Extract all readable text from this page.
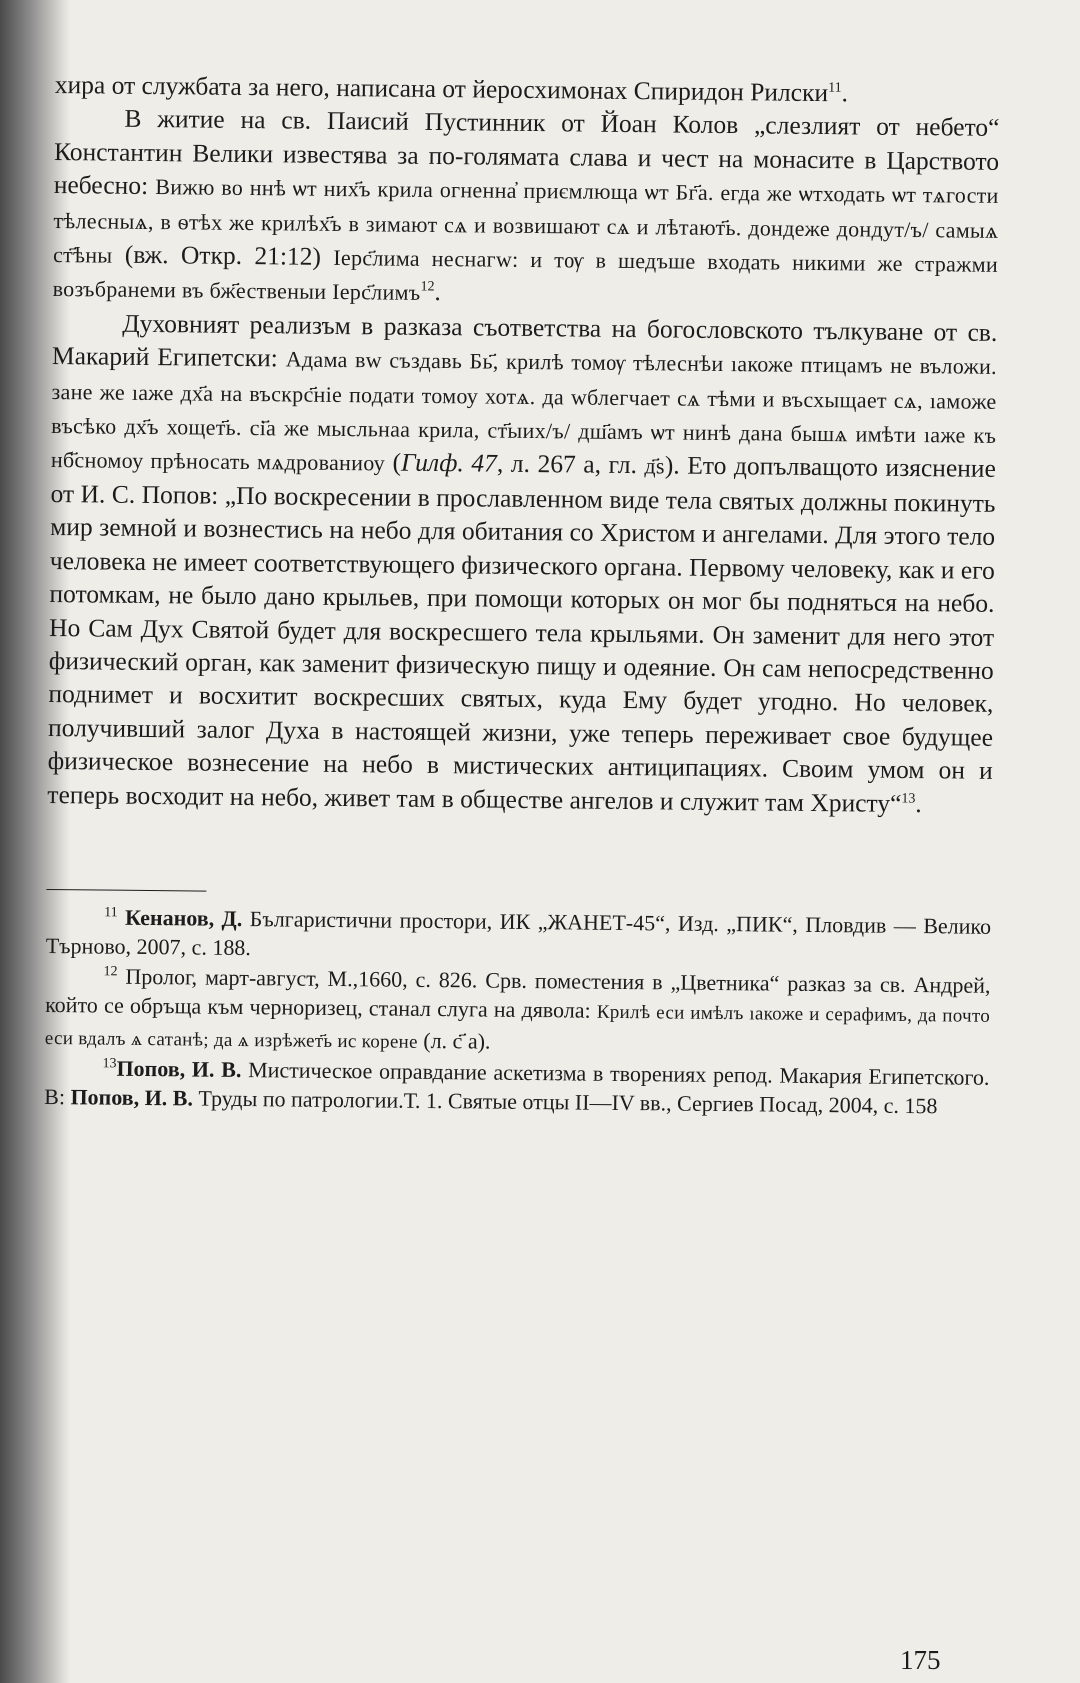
хира от службата за него, написана от йеросхимонах Спиридон Рилски$^{11}$.

В житие на св. Паисий Пустинник от Йоан Колов „слезлият от небето“ Константин Велики известява за по-голямата слава и чест на монасите в Царството небесно: Вижю во ннѣ ѡт них҃ъ крила огненна҆ приємлюща ѡт Бг҃а. егда же ѡтходать ѡт тѧгости тѣлесныѧ, в ѳтѣх же крилѣх҃ъ в зимают сѧ и возвишают сѧ и лѣтают҃ь. дондеже дондут/ъ/ самыѧ ст҃ѣны (вж. Откр. 21:12) Іерс҃лима неснагw: и тѹ в шедъше входать никими же стражми возъбранеми въ бж҃ественыи Іерс҃лимъ$^{12}$.

Духовният реализъм в разказа съответства на богословското тълкуване от св. Макарий Египетски: Адама вw създавь Бь҃, крилѣ томѹ тѣлеснѣи ıакоже птицамъ не въложи. зане же ıаже дх҃а на въскрс҃ніе подати томоу хотѧ. да wблегчает сѧ тѣми и въсхыщает сѧ, ıаможе въсѣко дх҃ъ хощет҃ь. сі҃а же мысльнаа крила, ст҃ыих/ъ/ дш҃амъ ѡт нинѣ дана бышѧ имѣти ıаже къ нб҃сномоу прѣносать мѧдрованиоу (Гилф. 47, л. 267 а, гл. д҃ѕ). Ето допълващото изяснение от И. С. Попов: „По воскресении в прославленном виде тела святых должны покинуть мир земной и вознестись на небо для обитания со Христом и ангелами. Для этого тело человека не имеет соответствующего физического органа. Первому человеку, как и его потомкам, не было дано крыльев, при помощи которых он мог бы подняться на небо. Но Сам Дух Святой будет для воскресшего тела крыльями. Он заменит для него этот физический орган, как заменит физическую пищу и одеяние. Он сам непосредственно поднимет и восхитит воскресших святых, куда Ему будет угодно. Но человек, получивший залог Духа в настоящей жизни, уже теперь переживает свое будущее физическое вознесение на небо в мистических антиципациях. Своим умом он и теперь восходит на небо, живет там в обществе ангелов и служит там Христу“$^{13}$.

$^{11}$ Кенанов, Д. Българистични простори, ИК „ЖАНЕТ-45“, Изд. „ПИК“, Пловдив — Велико Търново, 2007, с. 188.

$^{12}$ Пролог, март-август, М.,1660, с. 826. Срв. поместения в „Цветника“ разказ за св. Андрей, който се обръща към черноризец, станал слуга на дявола: Крилѣ еси имѣлъ ıакоже и серафимъ, да почто еси вдалъ ѧ сатанѣ; да ѧ изрѣжет҃ь ис корене (л. с҃ а).

$^{13}$Попов, И. В. Мистическое оправдание аскетизма в творениях репод. Макария Египетского. В: Попов, И. В. Труды по патрологии.Т. 1. Святые отцы II—IV вв., Сергиев Посад, 2004, с. 158

175
